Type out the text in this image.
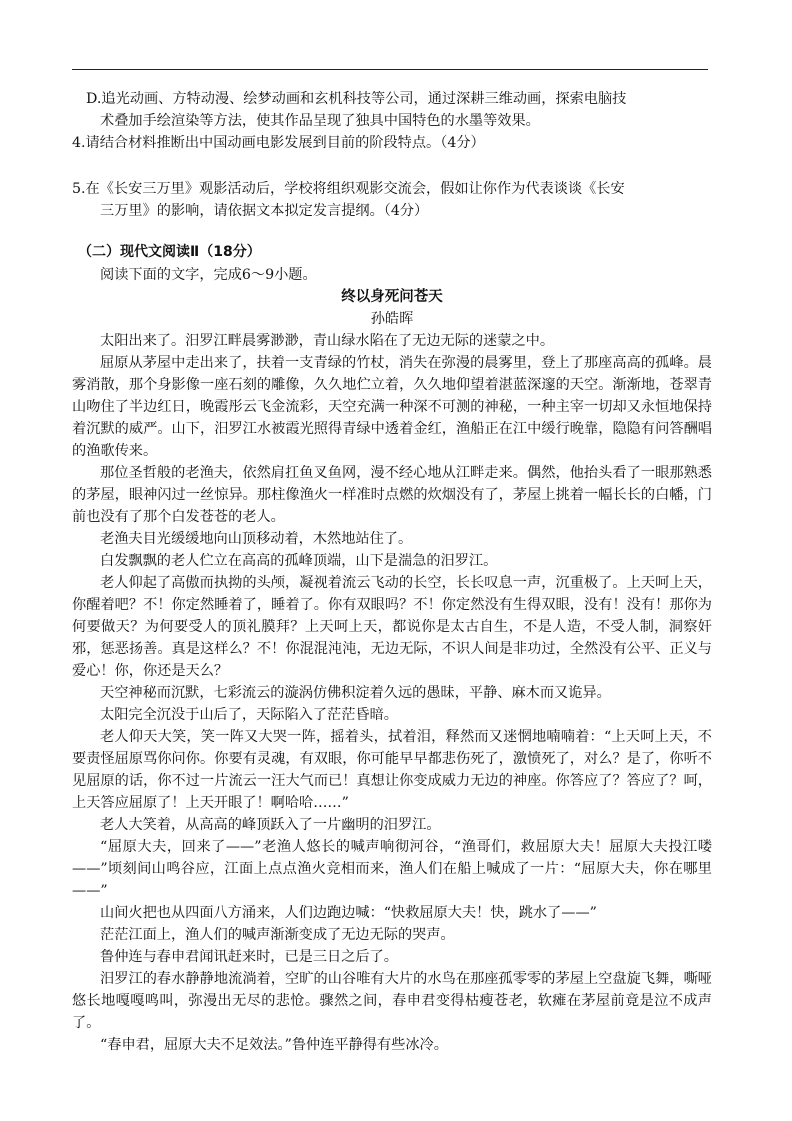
D.追光动画、方特动漫、绘梦动画和玄机科技等公司，通过深耕三维动画，探索电脑技
术叠加手绘渲染等方法，使其作品呈现了独具中国特色的水墨等效果。
4.请结合材料推断出中国动画电影发展到目前的阶段特点。（4分）
5.在《长安三万里》观影活动后，学校将组织观影交流会，假如让你作为代表谈谈《长安
三万里》的影响，请依据文本拟定发言提纲。（4分）
（二）现代文阅读Ⅱ（18分）
阅读下面的文字，完成6～9小题。
终以身死问苍天
孙皓晖

太阳出来了。汨罗江畔晨雾渺渺，青山绿水陷在了无边无际的迷蒙之中。

屈原从茅屋中走出来了，扶着一支青绿的竹杖，消失在弥漫的晨雾里，登上了那座高高的孤峰。晨雾消散，那个身影像一座石刻的雕像，久久地伫立着，久久地仰望着湛蓝深邃的天空。渐渐地，苍翠青山吻住了半边红日，晚霞彤云飞金流彩，天空充满一种深不可测的神秘，一种主宰一切却又永恒地保持着沉默的威严。山下，汨罗江水被霞光照得青绿中透着金红，渔船正在江中缓行晚靠，隐隐有问答酬唱的渔歌传来。

那位圣哲般的老渔夫，依然肩扛鱼叉鱼网，漫不经心地从江畔走来。偶然，他抬头看了一眼那熟悉的茅屋，眼神闪过一丝惊异。那柱像渔火一样准时点燃的炊烟没有了，茅屋上挑着一幅长长的白幡，门前也没有了那个白发苍苍的老人。

老渔夫目光缓缓地向山顶移动着，木然地站住了。

白发飘飘的老人伫立在高高的孤峰顶端，山下是湍急的汨罗江。

老人仰起了高傲而执拗的头颅，凝视着流云飞动的长空，长长叹息一声，沉重极了。上天呵上天，你醒着吧？不！你定然睡着了，睡着了。你有双眼吗？不！你定然没有生得双眼，没有！没有！那你为何要做天？为何要受人的顶礼膜拜？上天呵上天，都说你是太古自生，不是人造，不受人制，洞察奸邪，惩恶扬善。真是这样么？不！你混混沌沌，无边无际，不识人间是非功过，全然没有公平、正义与爱心！你，你还是天么？

天空神秘而沉默，七彩流云的漩涡仿佛积淀着久远的愚昧，平静、麻木而又诡异。

太阳完全沉没于山后了，天际陷入了茫茫昏暗。

老人仰天大笑，笑一阵又大哭一阵，摇着头，拭着泪，释然而又迷惘地喃喃着：“上天呵上天，不要责怪屈原骂你问你。你要有灵魂，有双眼，你可能早早都悲伤死了，激愤死了，对么？是了，你听不见屈原的话，你不过一片流云一汪大气而已！真想让你变成威力无边的神座。你答应了？答应了？呵，上天答应屈原了！上天开眼了！啊哈哈……”

老人大笑着，从高高的峰顶跃入了一片幽明的汨罗江。

“屈原大夫，回来了——”老渔人悠长的喊声响彻河谷，“渔哥们，救屈原大夫！屈原大夫投江喽——”顷刻间山鸣谷应，江面上点点渔火竞相而来，渔人们在船上喊成了一片：“屈原大夫，你在哪里——”

山间火把也从四面八方涌来，人们边跑边喊：“快救屈原大夫！快，跳水了——”

茫茫江面上，渔人们的喊声渐渐变成了无边无际的哭声。

鲁仲连与春申君闻讯赶来时，已是三日之后了。

汨罗江的春水静静地流淌着，空旷的山谷唯有大片的水鸟在那座孤零零的茅屋上空盘旋飞舞，嘶哑悠长地嘎嘎鸣叫，弥漫出无尽的悲怆。骤然之间，春申君变得枯瘦苍老，软瘫在茅屋前竟是泣不成声了。

“春申君，屈原大夫不足效法。”鲁仲连平静得有些冰冷。
